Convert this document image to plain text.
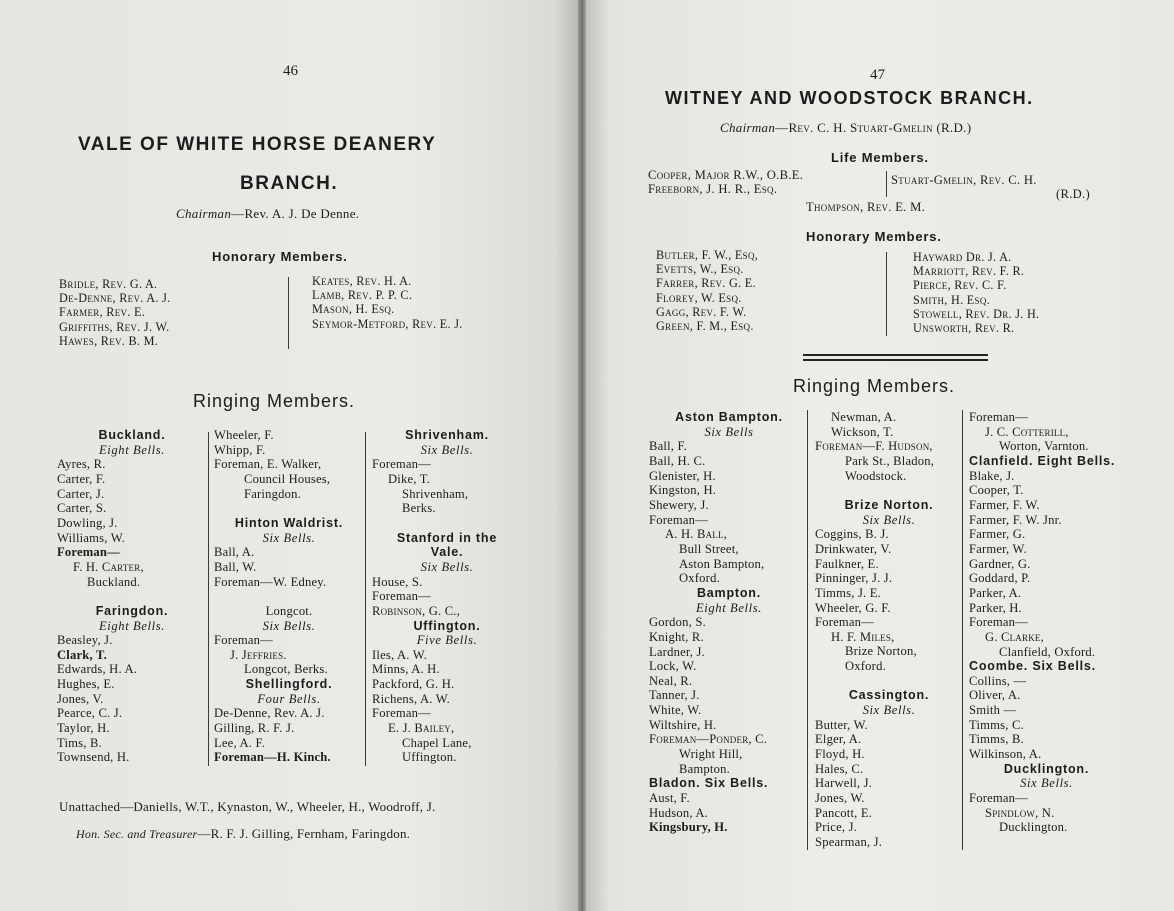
46
VALE OF WHITE HORSE DEANERY
BRANCH.
Chairman—Rev. A. J. De Denne.
Honorary Members.
Bridle, Rev. G. A.
De-Denne, Rev. A. J.
Farmer, Rev. E.
Griffiths, Rev. J. W.
Hawes, Rev. B. M.
Keates, Rev. H. A.
Lamb, Rev. P. P. C.
Mason, H. Esq.
Seymor-Metford, Rev. E. J.
Ringing Members.
Buckland.
Eight Bells.
Ayres, R.
Carter, F.
Carter, J.
Carter, S.
Dowling, J.
Williams, W.
Foreman—
F. H. Carter,
Buckland.
Faringdon.
Eight Bells.
Beasley, J.
Clark, T.
Edwards, H. A.
Hughes, E.
Jones, V.
Pearce, C. J.
Taylor, H.
Tims, B.
Townsend, H.
Wheeler, F.
Whipp, F.
Foreman, E. Walker,
Council Houses,
Faringdon.
Hinton Waldrist.
Six Bells.
Ball, A.
Ball, W.
Foreman—W. Edney.
Longcot.
Six Bells.
Foreman—
J. Jeffries.
Longcot, Berks.
Shellingford.
Four Bells.
De-Denne, Rev. A. J.
Gilling, R. F. J.
Lee, A. F.
Foreman—H. Kinch.
Shrivenham.
Six Bells.
Foreman—
Dike, T.
Shrivenham,
Berks.
Stanford in the
Vale.
Six Bells.
House, S.
Foreman—
Robinson, G. C.,
Uffington.
Five Bells.
Iles, A. W.
Minns, A. H.
Packford, G. H.
Richens, A. W.
Foreman—
E. J. Bailey,
Chapel Lane,
Uffington.
Unattached—Daniells, W.T., Kynaston, W., Wheeler, H., Woodroff, J.
Hon. Sec. and Treasurer—R. F. J. Gilling, Fernham, Faringdon.
47
WITNEY AND WOODSTOCK BRANCH.
Chairman—Rev. C. H. Stuart-Gmelin (R.D.)
Life Members.
Cooper, Major R.W., O.B.E.
Freeborn, J. H. R., Esq.
Stuart-Gmelin, Rev. C. H.
(R.D.)
Thompson, Rev. E. M.
Honorary Members.
Butler, F. W., Esq,
Evetts, W., Esq.
Farrer, Rev. G. E.
Florey, W. Esq.
Gagg, Rev. F. W.
Green, F. M., Esq.
Hayward Dr. J. A.
Marriott, Rev. F. R.
Pierce, Rev. C. F.
Smith, H. Esq.
Stowell, Rev. Dr. J. H.
Unsworth, Rev. R.
Ringing Members.
Aston Bampton.
Six Bells
Ball, F.
Ball, H. C.
Glenister, H.
Kingston, H.
Shewery, J.
Foreman—
A. H. Ball,
Bull Street,
Aston Bampton,
Oxford.
Bampton.
Eight Bells.
Gordon, S.
Knight, R.
Lardner, J.
Lock, W.
Neal, R.
Tanner, J.
White, W.
Wiltshire, H.
Foreman—Ponder, C.
Wright Hill,
Bampton.
Bladon. Six Bells.
Aust, F.
Hudson, A.
Kingsbury, H.
Newman, A.
Wickson, T.
Foreman—F. Hudson,
Park St., Bladon,
Woodstock.
Brize Norton.
Six Bells.
Coggins, B. J.
Drinkwater, V.
Faulkner, E.
Pinninger, J. J.
Timms, J. E.
Wheeler, G. F.
Foreman—
H. F. Miles,
Brize Norton,
Oxford.
Cassington.
Six Bells.
Butter, W.
Elger, A.
Floyd, H.
Hales, C.
Harwell, J.
Jones, W.
Pancott, E.
Price, J.
Spearman, J.
Foreman—
J. C. Cotterill,
Worton, Varnton.
Clanfield. Eight Bells.
Blake, J.
Cooper, T.
Farmer, F. W.
Farmer, F. W. Jnr.
Farmer, G.
Farmer, W.
Gardner, G.
Goddard, P.
Parker, A.
Parker, H.
Foreman—
G. Clarke,
Clanfield, Oxford.
Coombe. Six Bells.
Collins, —
Oliver, A.
Smith —
Timms, C.
Timms, B.
Wilkinson, A.
Ducklington.
Six Bells.
Foreman—
Spindlow, N.
Ducklington.
